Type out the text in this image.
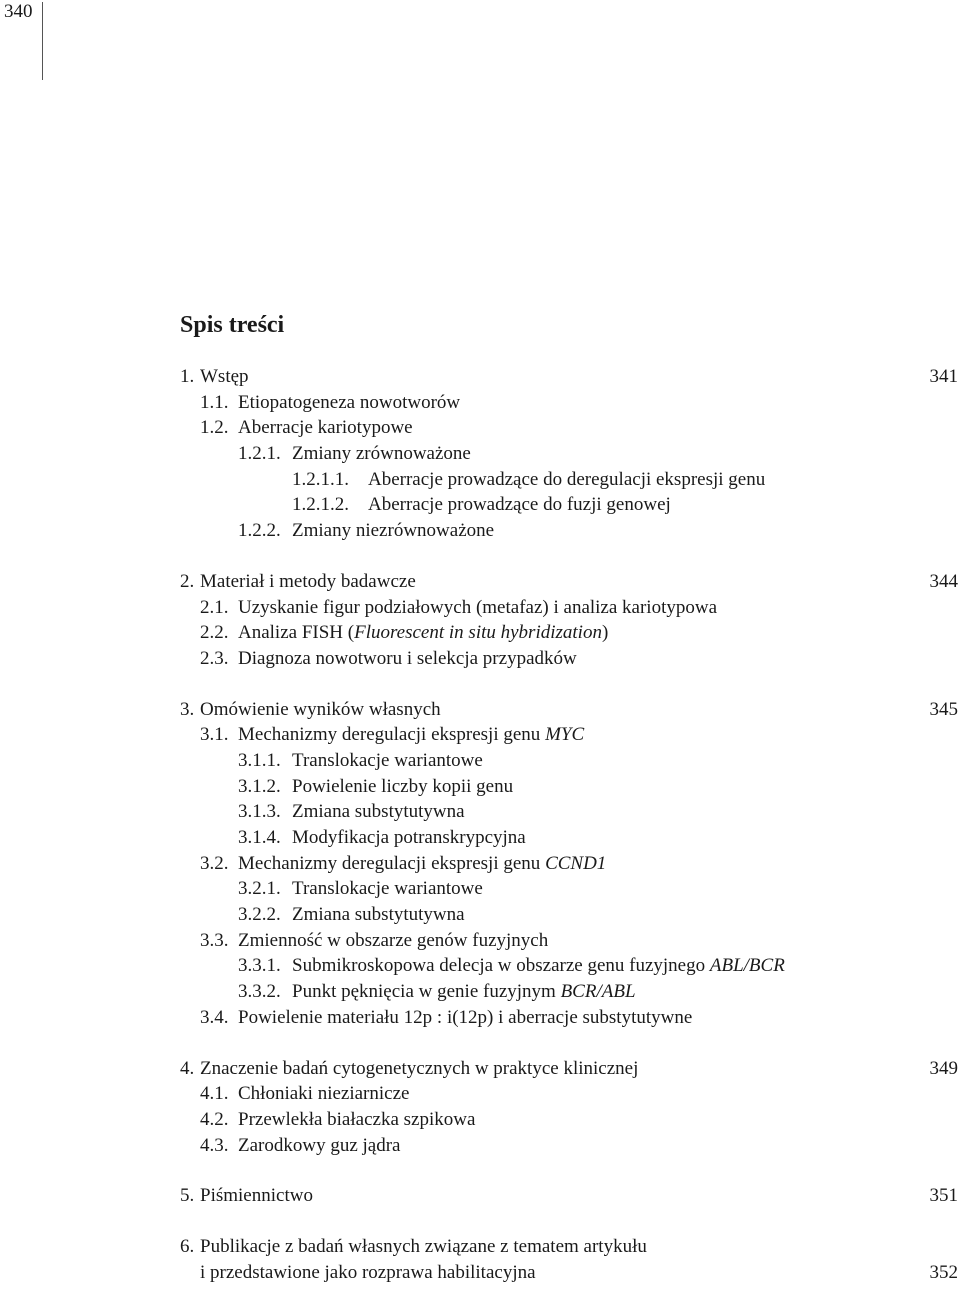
340
Spis treści
1. Wstęp	341
1.1. Etiopatogeneza nowotworów
1.2. Aberracje kariotypowe
1.2.1. Zmiany zrównoważone
1.2.1.1. Aberracje prowadzące do deregulacji ekspresji genu
1.2.1.2. Aberracje prowadzące do fuzji genowej
1.2.2. Zmiany niezrównoważone
2. Materiał i metody badawcze	344
2.1. Uzyskanie figur podziałowych (metafaz) i analiza kariotypowa
2.2. Analiza FISH (Fluorescent in situ hybridization)
2.3. Diagnoza nowotworu i selekcja przypadków
3. Omówienie wyników własnych	345
3.1. Mechanizmy deregulacji ekspresji genu MYC
3.1.1. Translokacje wariantowe
3.1.2. Powielenie liczby kopii genu
3.1.3. Zmiana substytutywna
3.1.4. Modyfikacja potranskrypcyjna
3.2. Mechanizmy deregulacji ekspresji genu CCND1
3.2.1. Translokacje wariantowe
3.2.2. Zmiana substytutywna
3.3. Zmienność w obszarze genów fuzyjnych
3.3.1. Submikroskopowa delecja w obszarze genu fuzyjnego ABL/BCR
3.3.2. Punkt pęknięcia w genie fuzyjnym BCR/ABL
3.4. Powielenie materiału 12p : i(12p) i aberracje substytutywne
4. Znaczenie badań cytogenetycznych w praktyce klinicznej	349
4.1. Chłoniaki nieziarnicze
4.2. Przewlekła białaczka szpikowa
4.3. Zarodkowy guz jądra
5. Piśmiennictwo	351
6. Publikacje z badań własnych związane z tematem artykułu
i przedstawione jako rozprawa habilitacyjna	352
